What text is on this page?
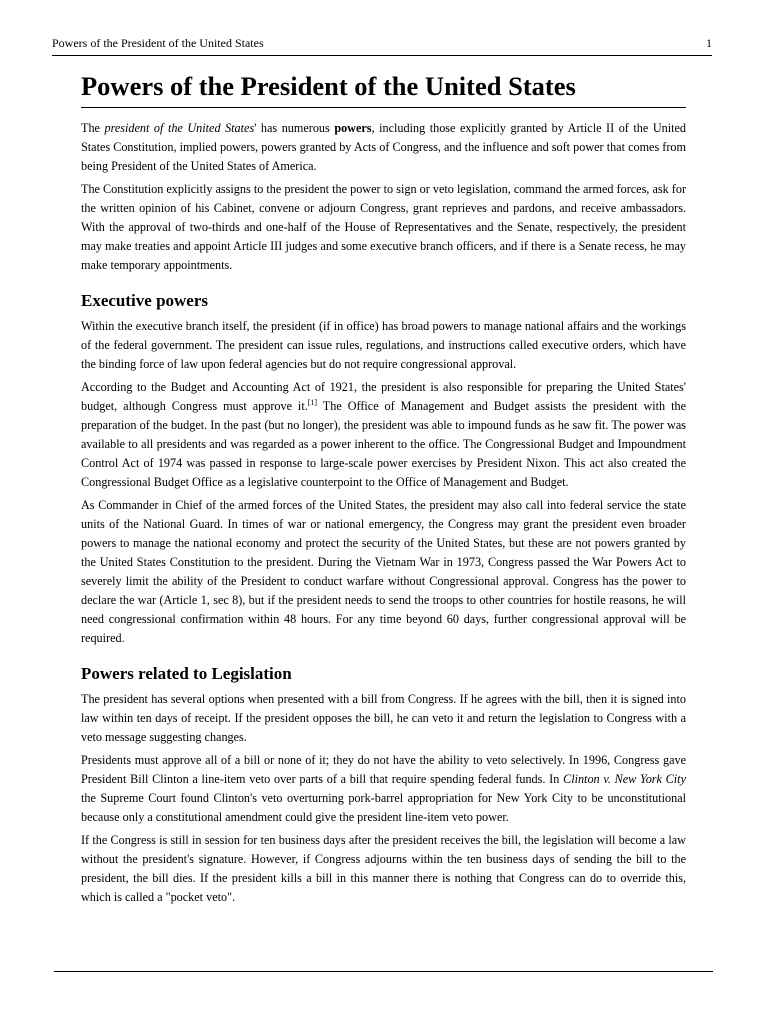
Powers of the President of the United States	1
Powers of the President of the United States

The president of the United States' has numerous powers, including those explicitly granted by Article II of the United States Constitution, implied powers, powers granted by Acts of Congress, and the influence and soft power that comes from being President of the United States of America.

The Constitution explicitly assigns to the president the power to sign or veto legislation, command the armed forces, ask for the written opinion of his Cabinet, convene or adjourn Congress, grant reprieves and pardons, and receive ambassadors. With the approval of two-thirds and one-half of the House of Representatives and the Senate, respectively, the president may make treaties and appoint Article III judges and some executive branch officers, and if there is a Senate recess, he may make temporary appointments.

Executive powers

Within the executive branch itself, the president (if in office) has broad powers to manage national affairs and the workings of the federal government. The president can issue rules, regulations, and instructions called executive orders, which have the binding force of law upon federal agencies but do not require congressional approval.

According to the Budget and Accounting Act of 1921, the president is also responsible for preparing the United States' budget, although Congress must approve it.[1] The Office of Management and Budget assists the president with the preparation of the budget. In the past (but no longer), the president was able to impound funds as he saw fit. The power was available to all presidents and was regarded as a power inherent to the office. The Congressional Budget and Impoundment Control Act of 1974 was passed in response to large-scale power exercises by President Nixon. This act also created the Congressional Budget Office as a legislative counterpoint to the Office of Management and Budget.

As Commander in Chief of the armed forces of the United States, the president may also call into federal service the state units of the National Guard. In times of war or national emergency, the Congress may grant the president even broader powers to manage the national economy and protect the security of the United States, but these are not powers granted by the United States Constitution to the president. During the Vietnam War in 1973, Congress passed the War Powers Act to severely limit the ability of the President to conduct warfare without Congressional approval. Congress has the power to declare the war (Article 1, sec 8), but if the president needs to send the troops to other countries for hostile reasons, he will need congressional confirmation within 48 hours. For any time beyond 60 days, further congressional approval will be required.

Powers related to Legislation

The president has several options when presented with a bill from Congress. If he agrees with the bill, then it is signed into law within ten days of receipt. If the president opposes the bill, he can veto it and return the legislation to Congress with a veto message suggesting changes.

Presidents must approve all of a bill or none of it; they do not have the ability to veto selectively. In 1996, Congress gave President Bill Clinton a line-item veto over parts of a bill that require spending federal funds. In Clinton v. New York City the Supreme Court found Clinton's veto overturning pork-barrel appropriation for New York City to be unconstitutional because only a constitutional amendment could give the president line-item veto power.

If the Congress is still in session for ten business days after the president receives the bill, the legislation will become a law without the president's signature. However, if Congress adjourns within the ten business days of sending the bill to the president, the bill dies. If the president kills a bill in this manner there is nothing that Congress can do to override this, which is called a "pocket veto".
